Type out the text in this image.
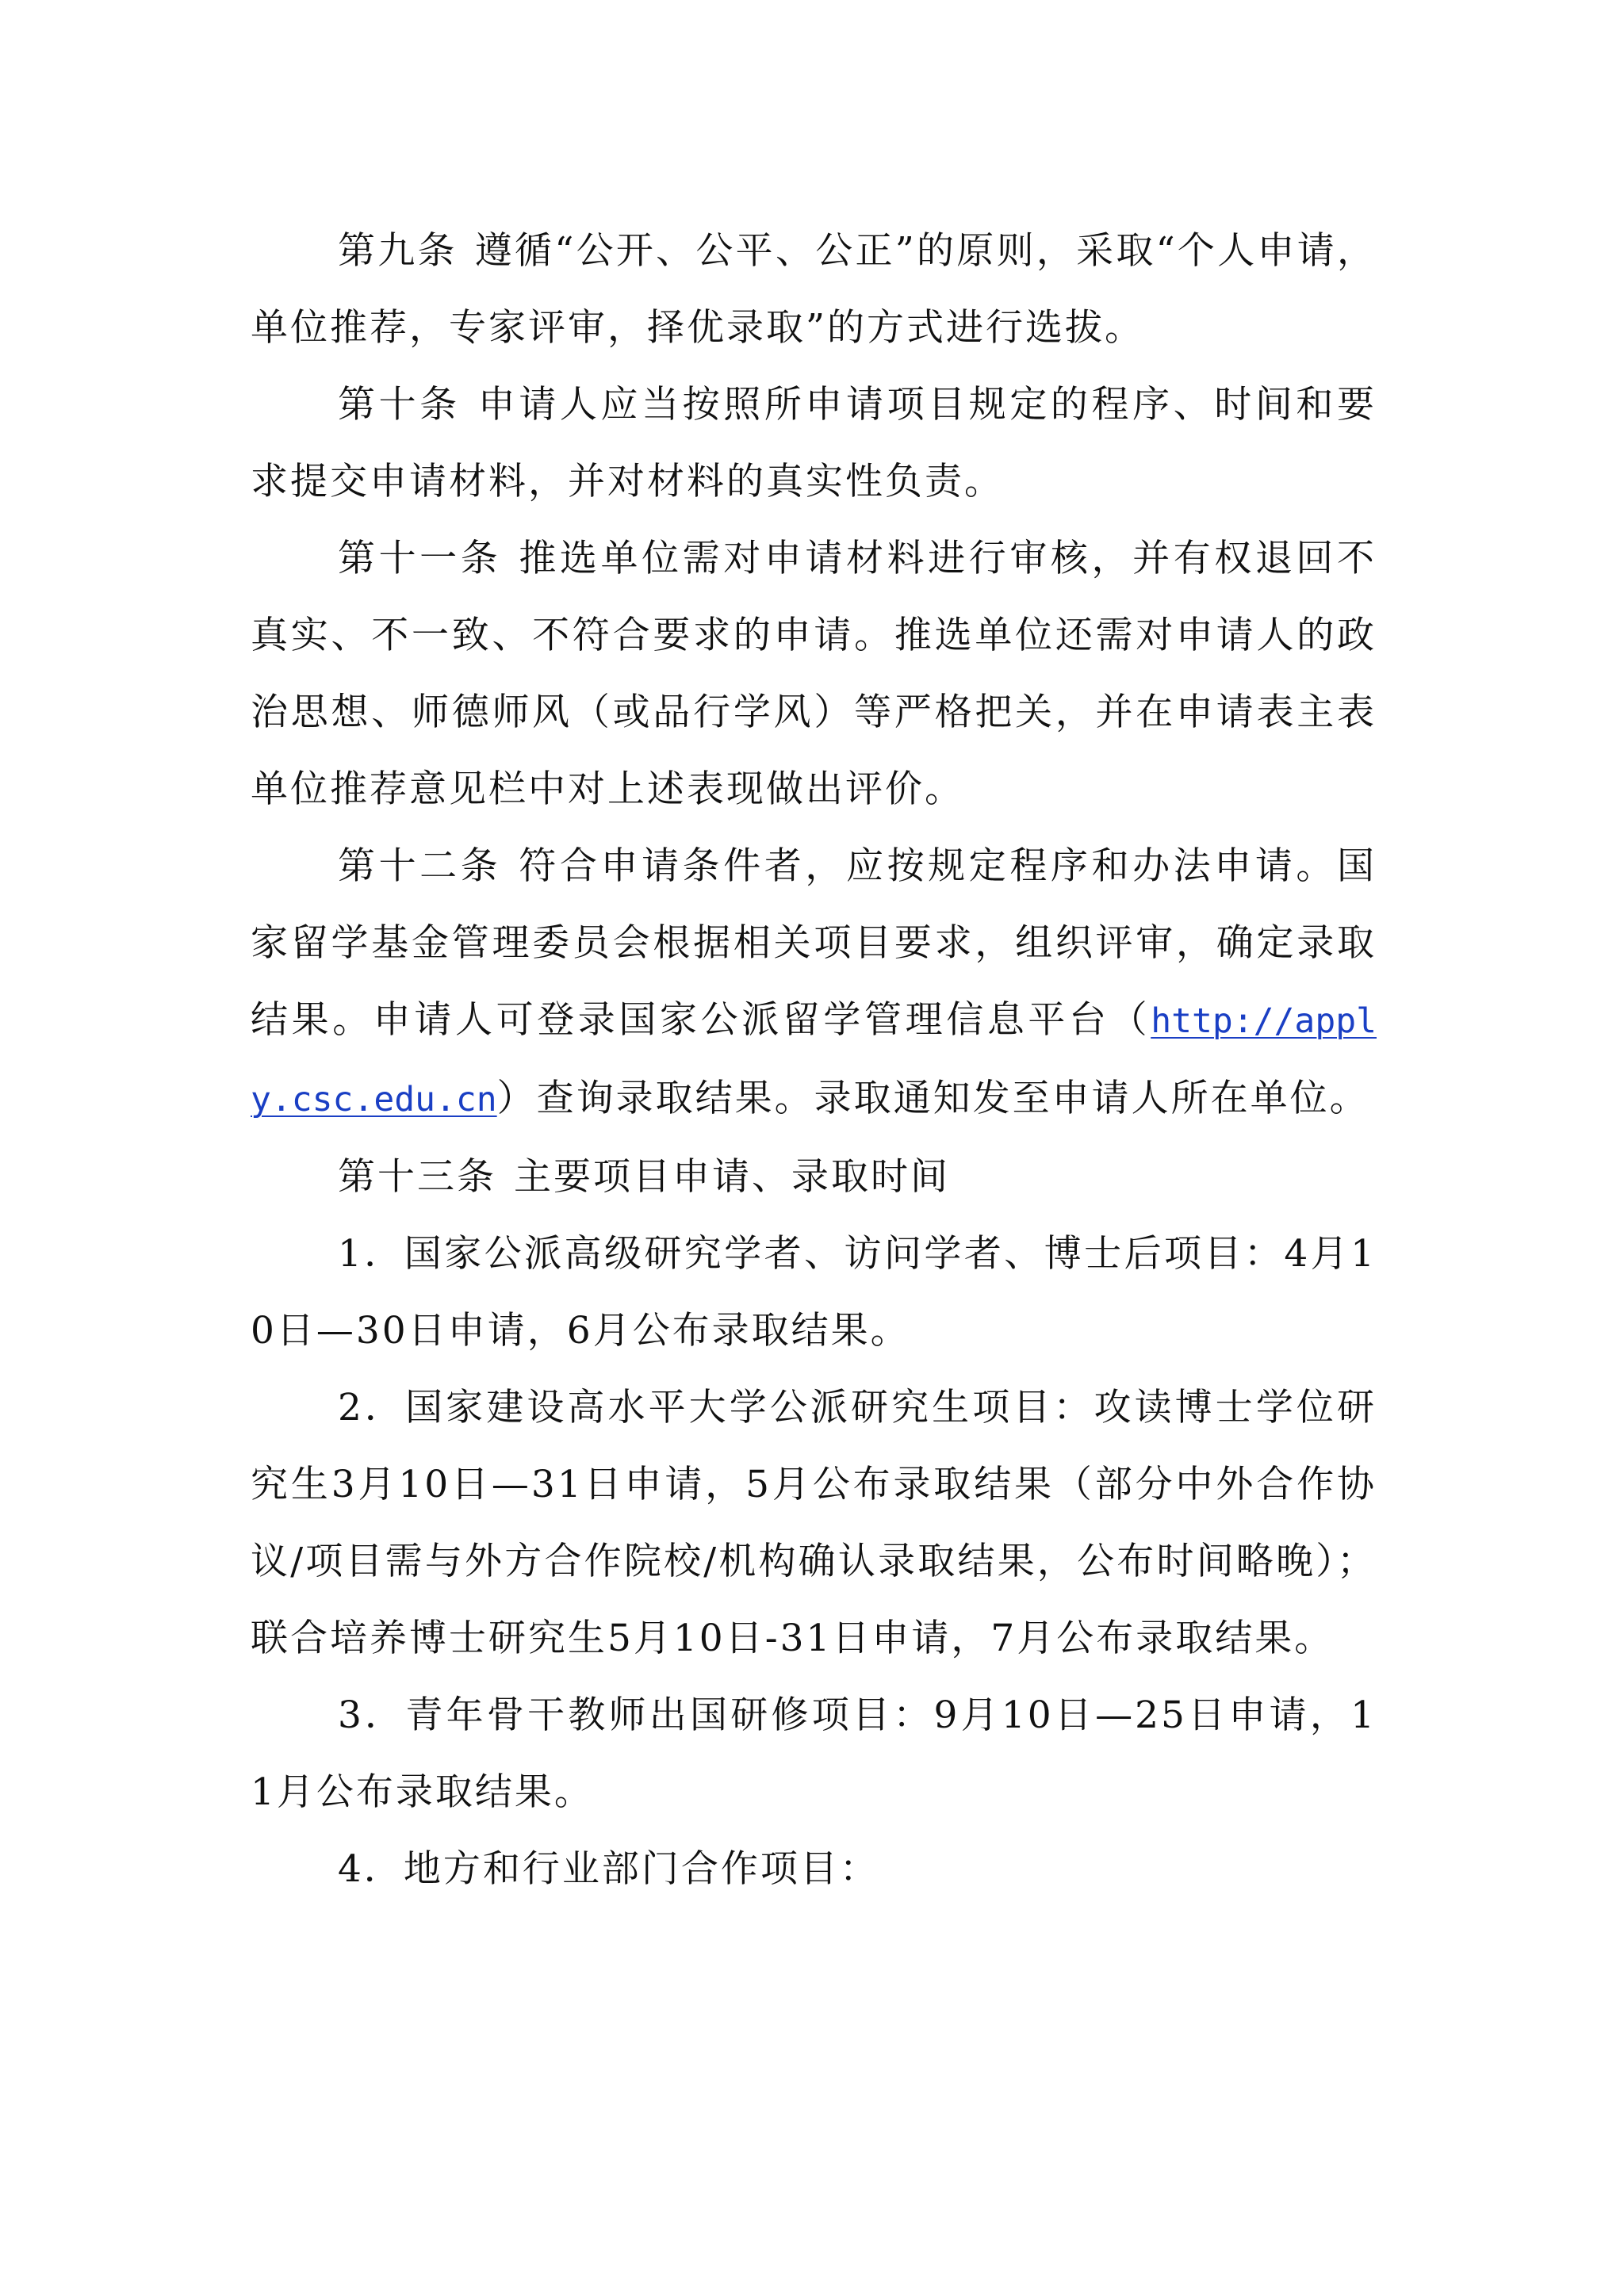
第九条 遵循“公开、公平、公正”的原则，采取“个人申请，单位推荐，专家评审，择优录取”的方式进行选拔。

第十条 申请人应当按照所申请项目规定的程序、时间和要求提交申请材料，并对材料的真实性负责。

第十一条 推选单位需对申请材料进行审核，并有权退回不真实、不一致、不符合要求的申请。推选单位还需对申请人的政治思想、师德师风（或品行学风）等严格把关，并在申请表主表单位推荐意见栏中对上述表现做出评价。

第十二条 符合申请条件者，应按规定程序和办法申请。国家留学基金管理委员会根据相关项目要求，组织评审，确定录取结果。申请人可登录国家公派留学管理信息平台（http://apply.csc.edu.cn）查询录取结果。录取通知发至申请人所在单位。

第十三条 主要项目申请、录取时间

1．国家公派高级研究学者、访问学者、博士后项目：4月10日—30日申请，6月公布录取结果。

2．国家建设高水平大学公派研究生项目：攻读博士学位研究生3月10日—31日申请，5月公布录取结果（部分中外合作协议/项目需与外方合作院校/机构确认录取结果，公布时间略晚）；联合培养博士研究生5月10日-31日申请，7月公布录取结果。

3．青年骨干教师出国研修项目：9月10日—25日申请，11月公布录取结果。

4．地方和行业部门合作项目：
